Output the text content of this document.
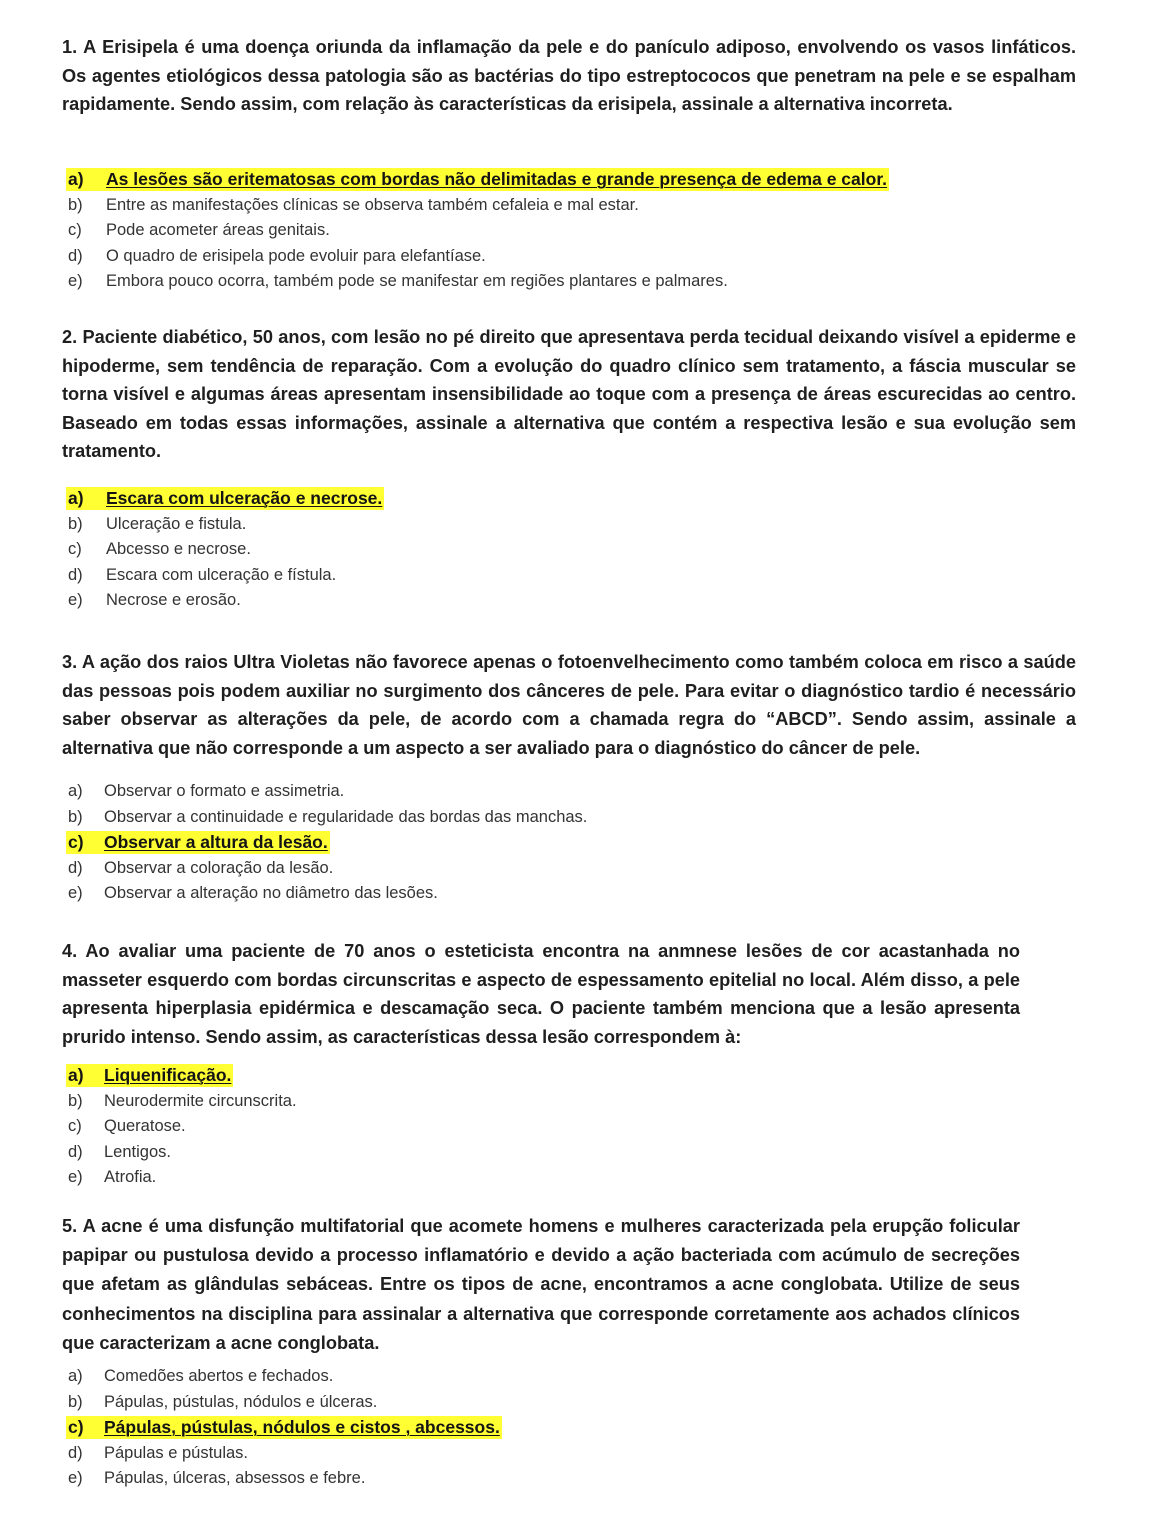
1. A Erisipela é uma doença oriunda da inflamação da pele e do panículo adiposo, envolvendo os vasos linfáticos. Os agentes etiológicos dessa patologia são as bactérias do tipo estreptococos que penetram na pele e se espalham rapidamente. Sendo assim, com relação às características da erisipela, assinale a alternativa incorreta.
a) As lesões são eritematosas com bordas não delimitadas e grande presença de edema e calor.
b) Entre as manifestações clínicas se observa também cefaleia e mal estar.
c) Pode acometer áreas genitais.
d) O quadro de erisipela pode evoluir para elefantíase.
e) Embora pouco ocorra, também pode se manifestar em regiões plantares e palmares.
2. Paciente diabético, 50 anos, com lesão no pé direito que apresentava perda tecidual deixando visível a epiderme e hipoderme, sem tendência de reparação. Com a evolução do quadro clínico sem tratamento, a fáscia muscular se torna visível e algumas áreas apresentam insensibilidade ao toque com a presença de áreas escurecidas ao centro. Baseado em todas essas informações, assinale a alternativa que contém a respectiva lesão e sua evolução sem tratamento.
a) Escara com ulceração e necrose.
b) Ulceração e fistula.
c) Abcesso e necrose.
d) Escara com ulceração e fístula.
e) Necrose e erosão.
3. A ação dos raios Ultra Violetas não favorece apenas o fotoenvelhecimento como também coloca em risco a saúde das pessoas pois podem auxiliar no surgimento dos cânceres de pele. Para evitar o diagnóstico tardio é necessário saber observar as alterações da pele, de acordo com a chamada regra do “ABCD”. Sendo assim, assinale a alternativa que não corresponde a um aspecto a ser avaliado para o diagnóstico do câncer de pele.
a) Observar o formato e assimetria.
b) Observar a continuidade e regularidade das bordas das manchas.
c) Observar a altura da lesão.
d) Observar a coloração da lesão.
e) Observar a alteração no diâmetro das lesões.
4. Ao avaliar uma paciente de 70 anos o esteticista encontra na anmnese lesões de cor acastanhada no masseter esquerdo com bordas circunscritas e aspecto de espessamento epitelial no local. Além disso, a pele apresenta hiperplasia epidérmica e descamação seca. O paciente também menciona que a lesão apresenta prurido intenso. Sendo assim, as características dessa lesão correspondem à:
a) Liquenificação.
b) Neurodermite circunscrita.
c) Queratose.
d) Lentigos.
e) Atrofia.
5. A acne é uma disfunção multifatorial que acomete homens e mulheres caracterizada pela erupção folicular papipar ou pustulosa devido a processo inflamatório e devido a ação bacteriada com acúmulo de secreções que afetam as glândulas sebáceas. Entre os tipos de acne, encontramos a acne conglobata. Utilize de seus conhecimentos na disciplina para assinalar a alternativa que corresponde corretamente aos achados clínicos que caracterizam a acne conglobata.
a) Comedões abertos e fechados.
b) Pápulas, pústulas, nódulos e úlceras.
c) Pápulas, pústulas, nódulos e cistos , abcessos.
d) Pápulas e pústulas.
e) Pápulas, úlceras, absessos e febre.
